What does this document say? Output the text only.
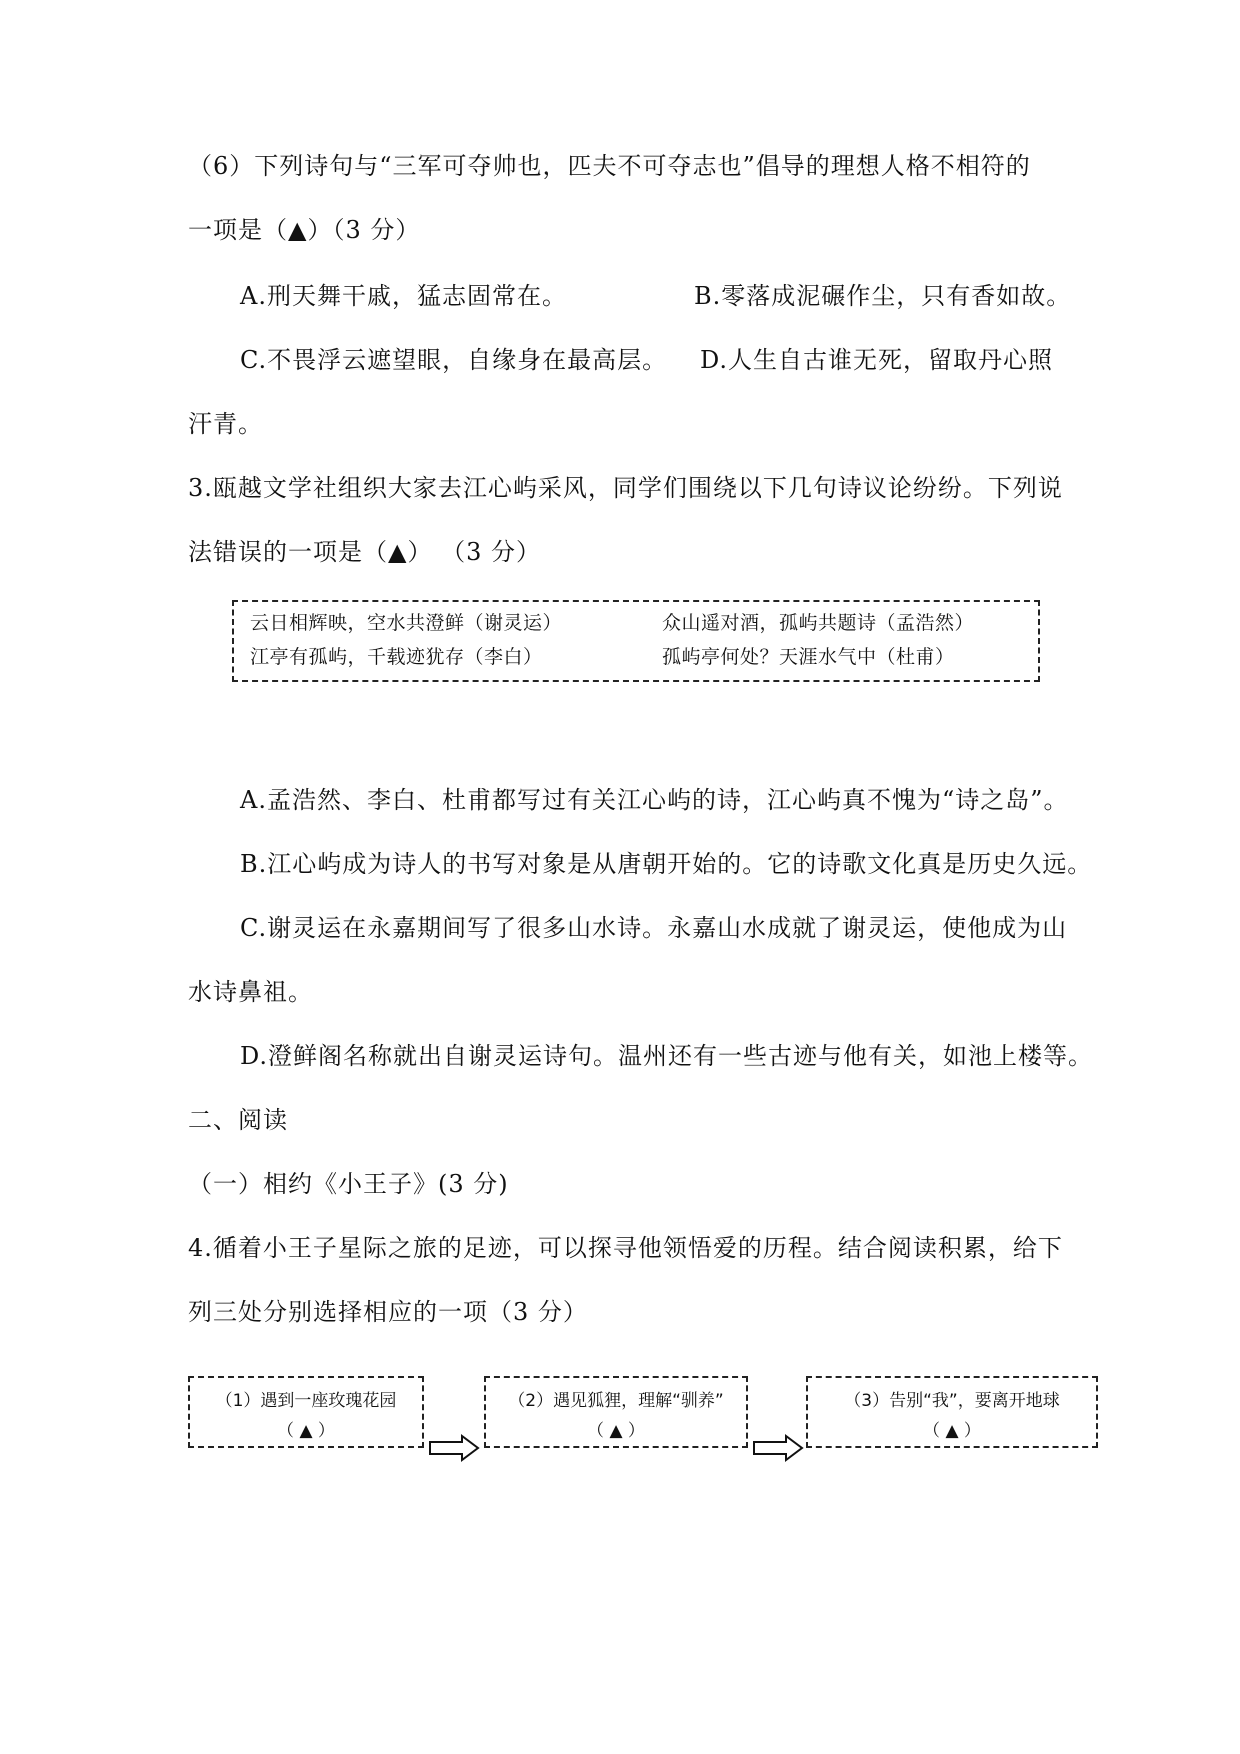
（6）下列诗句与“三军可夺帅也，匹夫不可夺志也”倡导的理想人格不相符的
一项是（▲）（3 分）
A.刑天舞干戚，猛志固常在。	B.零落成泥碾作尘，只有香如故。
C.不畏浮云遮望眼，自缘身在最高层。 D.人生自古谁无死，留取丹心照
汗青。
3.瓯越文学社组织大家去江心屿采风，同学们围绕以下几句诗议论纷纷。下列说
法错误的一项是（▲） （3 分）
云日相辉映，空水共澄鲜（谢灵运）	众山遥对酒，孤屿共题诗（孟浩然）
江亭有孤屿，千载迹犹存（李白）	孤屿亭何处？天涯水气中（杜甫）
A.孟浩然、李白、杜甫都写过有关江心屿的诗，江心屿真不愧为“诗之岛”。
B.江心屿成为诗人的书写对象是从唐朝开始的。它的诗歌文化真是历史久远。
C.谢灵运在永嘉期间写了很多山水诗。永嘉山水成就了谢灵运，使他成为山
水诗鼻祖。
D.澄鲜阁名称就出自谢灵运诗句。温州还有一些古迹与他有关，如池上楼等。
二、阅读
（一）相约《小王子》(3 分)
4.循着小王子星际之旅的足迹，可以探寻他领悟爱的历程。结合阅读积累，给下
列三处分别选择相应的一项（3 分）
（1）遇到一座玫瑰花园
（ ▲ ）
（2）遇见狐狸，理解“驯养”
（ ▲ ）
（3）告别“我”，要离开地球
（ ▲ ）
